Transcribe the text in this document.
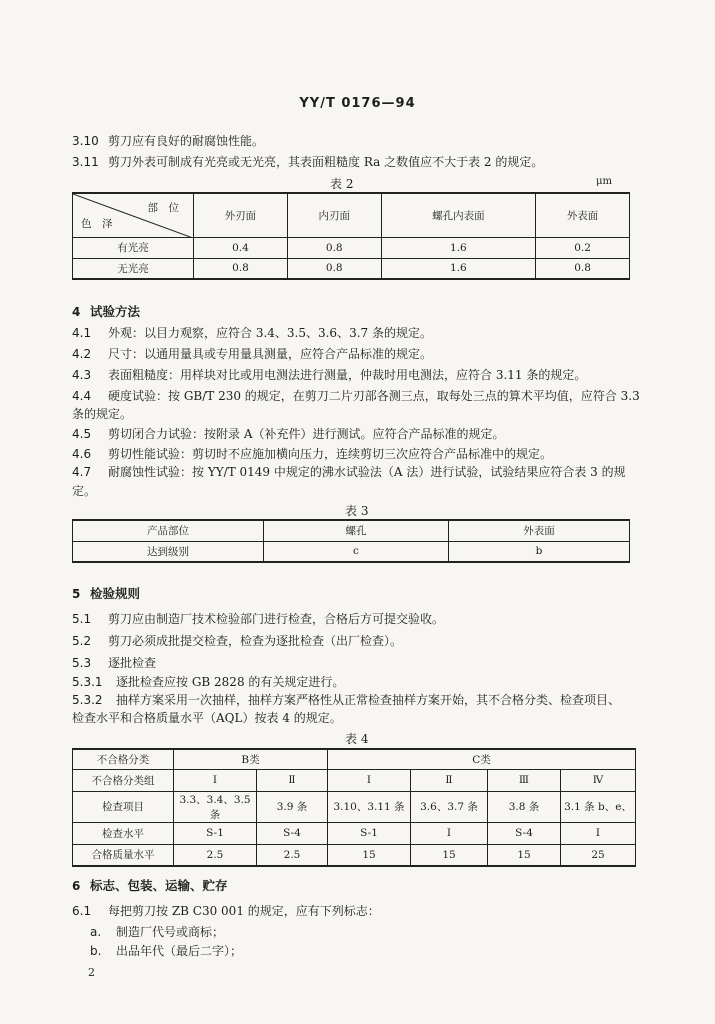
YY/T 0176—94
3.10 剪刀应有良好的耐腐蚀性能。
3.11 剪刀外表可制成有光亮或无光亮，其表面粗糙度 Ra 之数值应不大于表 2 的规定。
表 2	μm
部　位
色　泽	外刃面	内刃面	螺孔内表面	外表面
有光亮	0.4	0.8	1.6	0.2
无光亮	0.8	0.8	1.6	0.8
4 试验方法
4.1 外观：以目力观察，应符合 3.4、3.5、3.6、3.7 条的规定。
4.2 尺寸：以通用量具或专用量具测量，应符合产品标准的规定。
4.3 表面粗糙度：用样块对比或用电测法进行测量，仲裁时用电测法，应符合 3.11 条的规定。
4.4 硬度试验：按 GB/T 230 的规定，在剪刀二片刃部各测三点，取每处三点的算术平均值，应符合 3.3
条的规定。
4.5 剪切闭合力试验：按附录 A（补充件）进行测试。应符合产品标准的规定。
4.6 剪切性能试验：剪切时不应施加横向压力，连续剪切三次应符合产品标准中的规定。
4.7 耐腐蚀性试验：按 YY/T 0149 中规定的沸水试验法（A 法）进行试验，试验结果应符合表 3 的规
定。
表 3
产品部位	螺孔	外表面
达到级别	c	b
5 检验规则
5.1 剪刀应由制造厂技术检验部门进行检查，合格后方可提交验收。
5.2 剪刀必须成批提交检查，检查为逐批检查（出厂检查）。
5.3 逐批检查
5.3.1 逐批检查应按 GB 2828 的有关规定进行。
5.3.2 抽样方案采用一次抽样，抽样方案严格性从正常检查抽样方案开始，其不合格分类、检查项目、
检查水平和合格质量水平（AQL）按表 4 的规定。
表 4
不合格分类	B类		C类			
不合格分类组	Ⅰ	Ⅱ	Ⅰ	Ⅱ	Ⅲ	Ⅳ
检查项目	3.3、3.4、3.5 条	3.9 条	3.10、3.11 条	3.6、3.7 条	3.8 条	3.1 条 b、e、
检查水平	S-1	S-4	S-1	Ⅰ	S-4	Ⅰ
合格质量水平	2.5	2.5	15	15	15	25
6 标志、包装、运输、贮存
6.1 每把剪刀按 ZB C30 001 的规定，应有下列标志：
a. 制造厂代号或商标；
b. 出品年代（最后二字）；
2
